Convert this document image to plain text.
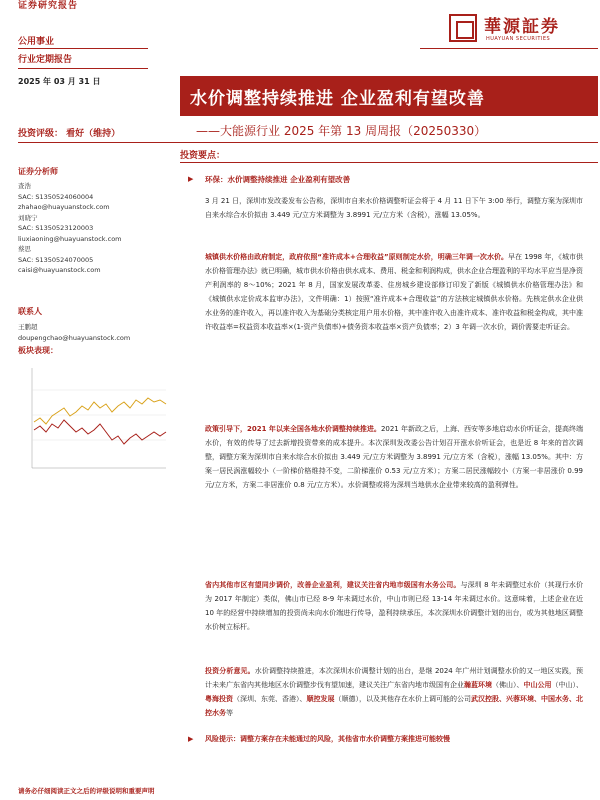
证券研究报告
公用事业
行业定期报告
2025 年 03 月 31 日
華源証券
HUAYUAN SECURITIES
水价调整持续推进 企业盈利有望改善
——大能源行业 2025 年第 13 周周报（20250330）
投资评级： 看好（维持）
证券分析师
查浩
SAC: S1350524060004
zhahao@huayuanstock.com
刘晓宁
SAC: S1350523120003
liuxiaoning@huayuanstock.com
蔡思
SAC: S1350524070005
caisi@huayuanstock.com
联系人
王鹏超
doupengchao@huayuanstock.com
板块表现：
投资要点：
▶ 环保：水价调整持续推进 企业盈利有望改善
3 月 21 日，深圳市发改委发布公告称，深圳市自来水价格调整听证会将于 4 月 11 日下午 3:00 举行，调整方案为深圳市自来水综合水价拟由 3.449 元/立方米调整为 3.8991 元/立方米（含税），涨幅 13.05%。
城镇供水价格由政府制定，政府依照“准许成本+合理收益”原则制定水价，明确三年调一次水价。早在 1998 年，《城市供水价格管理办法》就已明确，城市供水价格由供水成本、费用、税金和利润构成，供水企业合理盈利的平均水平应当是净资产利润率的 8～10%；2021 年 8 月，国家发展改革委、住房城乡建设部修订印发了新版《城镇供水价格管理办法》和《城镇供水定价成本监审办法》，文件明确：1）按照“准许成本+合理收益”的方法核定城镇供水价格。先核定供水企业供水业务的准许收入，再以准许收入为基础分类核定用户用水价格，其中准许收入由准许成本、准许收益和税金构成，其中准许收益率=权益资本收益率×(1-资产负债率)+债务资本收益率×资产负债率；2）3 年调一次水价，调价需要走听证会。
政策引导下，2021 年以来全国各地水价调整持续推进。2021 年新政之后，上海、西安等多地启动水价听证会，提高终端水价，有效的传导了过去新增投资带来的成本提升。本次深圳发改委公告计划召开涨水价听证会，也是近 8 年来的首次调整，调整方案为深圳市自来水综合水价拟由 3.449 元/立方米调整为 3.8991 元/立方米（含税），涨幅 13.05%。其中：方案一居民涡涨幅较小（一阶梯价格维持不变，二阶梯涨价 0.53 元/立方米）；方案二居民涨幅较小（方案一非居涨价 0.99 元/立方米，方案二非居涨价 0.8 元/立方米）。水价调整或将为深圳当地供水企业带来较高的盈利弹性。
省内其他市区有望同步调价，改善企业盈利，建议关注省内地市级国有水务公司。与深圳 8 年未调整过水价（其现行水价为 2017 年制定）类似，佛山市已经 8-9 年未调过水价，中山市则已经 13-14 年未调过水价。这意味着，上述企业在近 10 年的经营中持续增加的投资尚未向水价端进行传导，盈利持续承压，本次深圳水价调整计划的出台，或为其他地区调整水价树立标杆。
投资分析意见。水价调整持续推进，本次深圳水价调整计划的出台，是继 2024 年广州计划调整水价的又一地区实践，预计未来广东省内其他地区水价调整步伐有望加速，建议关注广东省内地市级国有企业瀚蓝环境（佛山）、中山公用（中山）、粤海投资（深圳、东莞、香港）、顺控发展（顺德），以及其他存在水价上调可能的公司武汉控股、兴蓉环境、中国水务、北控水务等
▶ 风险提示：调整方案存在未能通过的风险，其他省市水价调整方案推进可能较慢
请务必仔细阅读正文之后的评级说明和重要声明
